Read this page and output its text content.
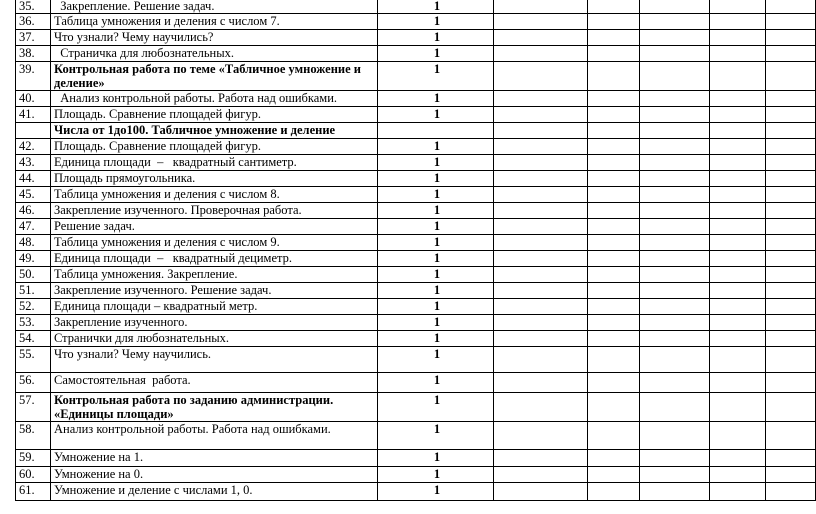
35.	Закрепление. Решение задач.	1					
36.	Таблица умножения и деления с числом 7.	1					
37.	Что узнали? Чему научились?	1					
38.	Страничка для любознательных.	1					
39.	Контрольная работа по теме «Табличное умножение и деление»	1					
40.	Анализ контрольной работы. Работа над ошибками.	1					
41.	Площадь. Сравнение площадей фигур.	1					
	Числа от 1до100. Табличное умножение и деление						
42.	Площадь. Сравнение площадей фигур.	1					
43.	Единица площади  –   квадратный сантиметр.	1					
44.	Площадь прямоугольника.	1					
45.	Таблица умножения и деления с числом 8.	1					
46.	Закрепление изученного. Проверочная работа.	1					
47.	Решение задач.	1					
48.	Таблица умножения и деления с числом 9.	1					
49.	Единица площади  –   квадратный дециметр.	1					
50.	Таблица умножения. Закрепление.	1					
51.	Закрепление изученного. Решение задач.	1					
52.	Единица площади – квадратный метр.	1					
53.	Закрепление изученного.	1					
54.	Странички для любознательных.	1					
55.	Что узнали? Чему научились.	1					
56.	Самостоятельная  работа.	1					
57.	Контрольная работа по заданию администрации. «Единицы площади»	1					
58.	Анализ контрольной работы. Работа над ошибками.	1					
59.	Умножение на 1.	1					
60.	Умножение на 0.	1					
61.	Умножение и деление с числами 1, 0.	1					
